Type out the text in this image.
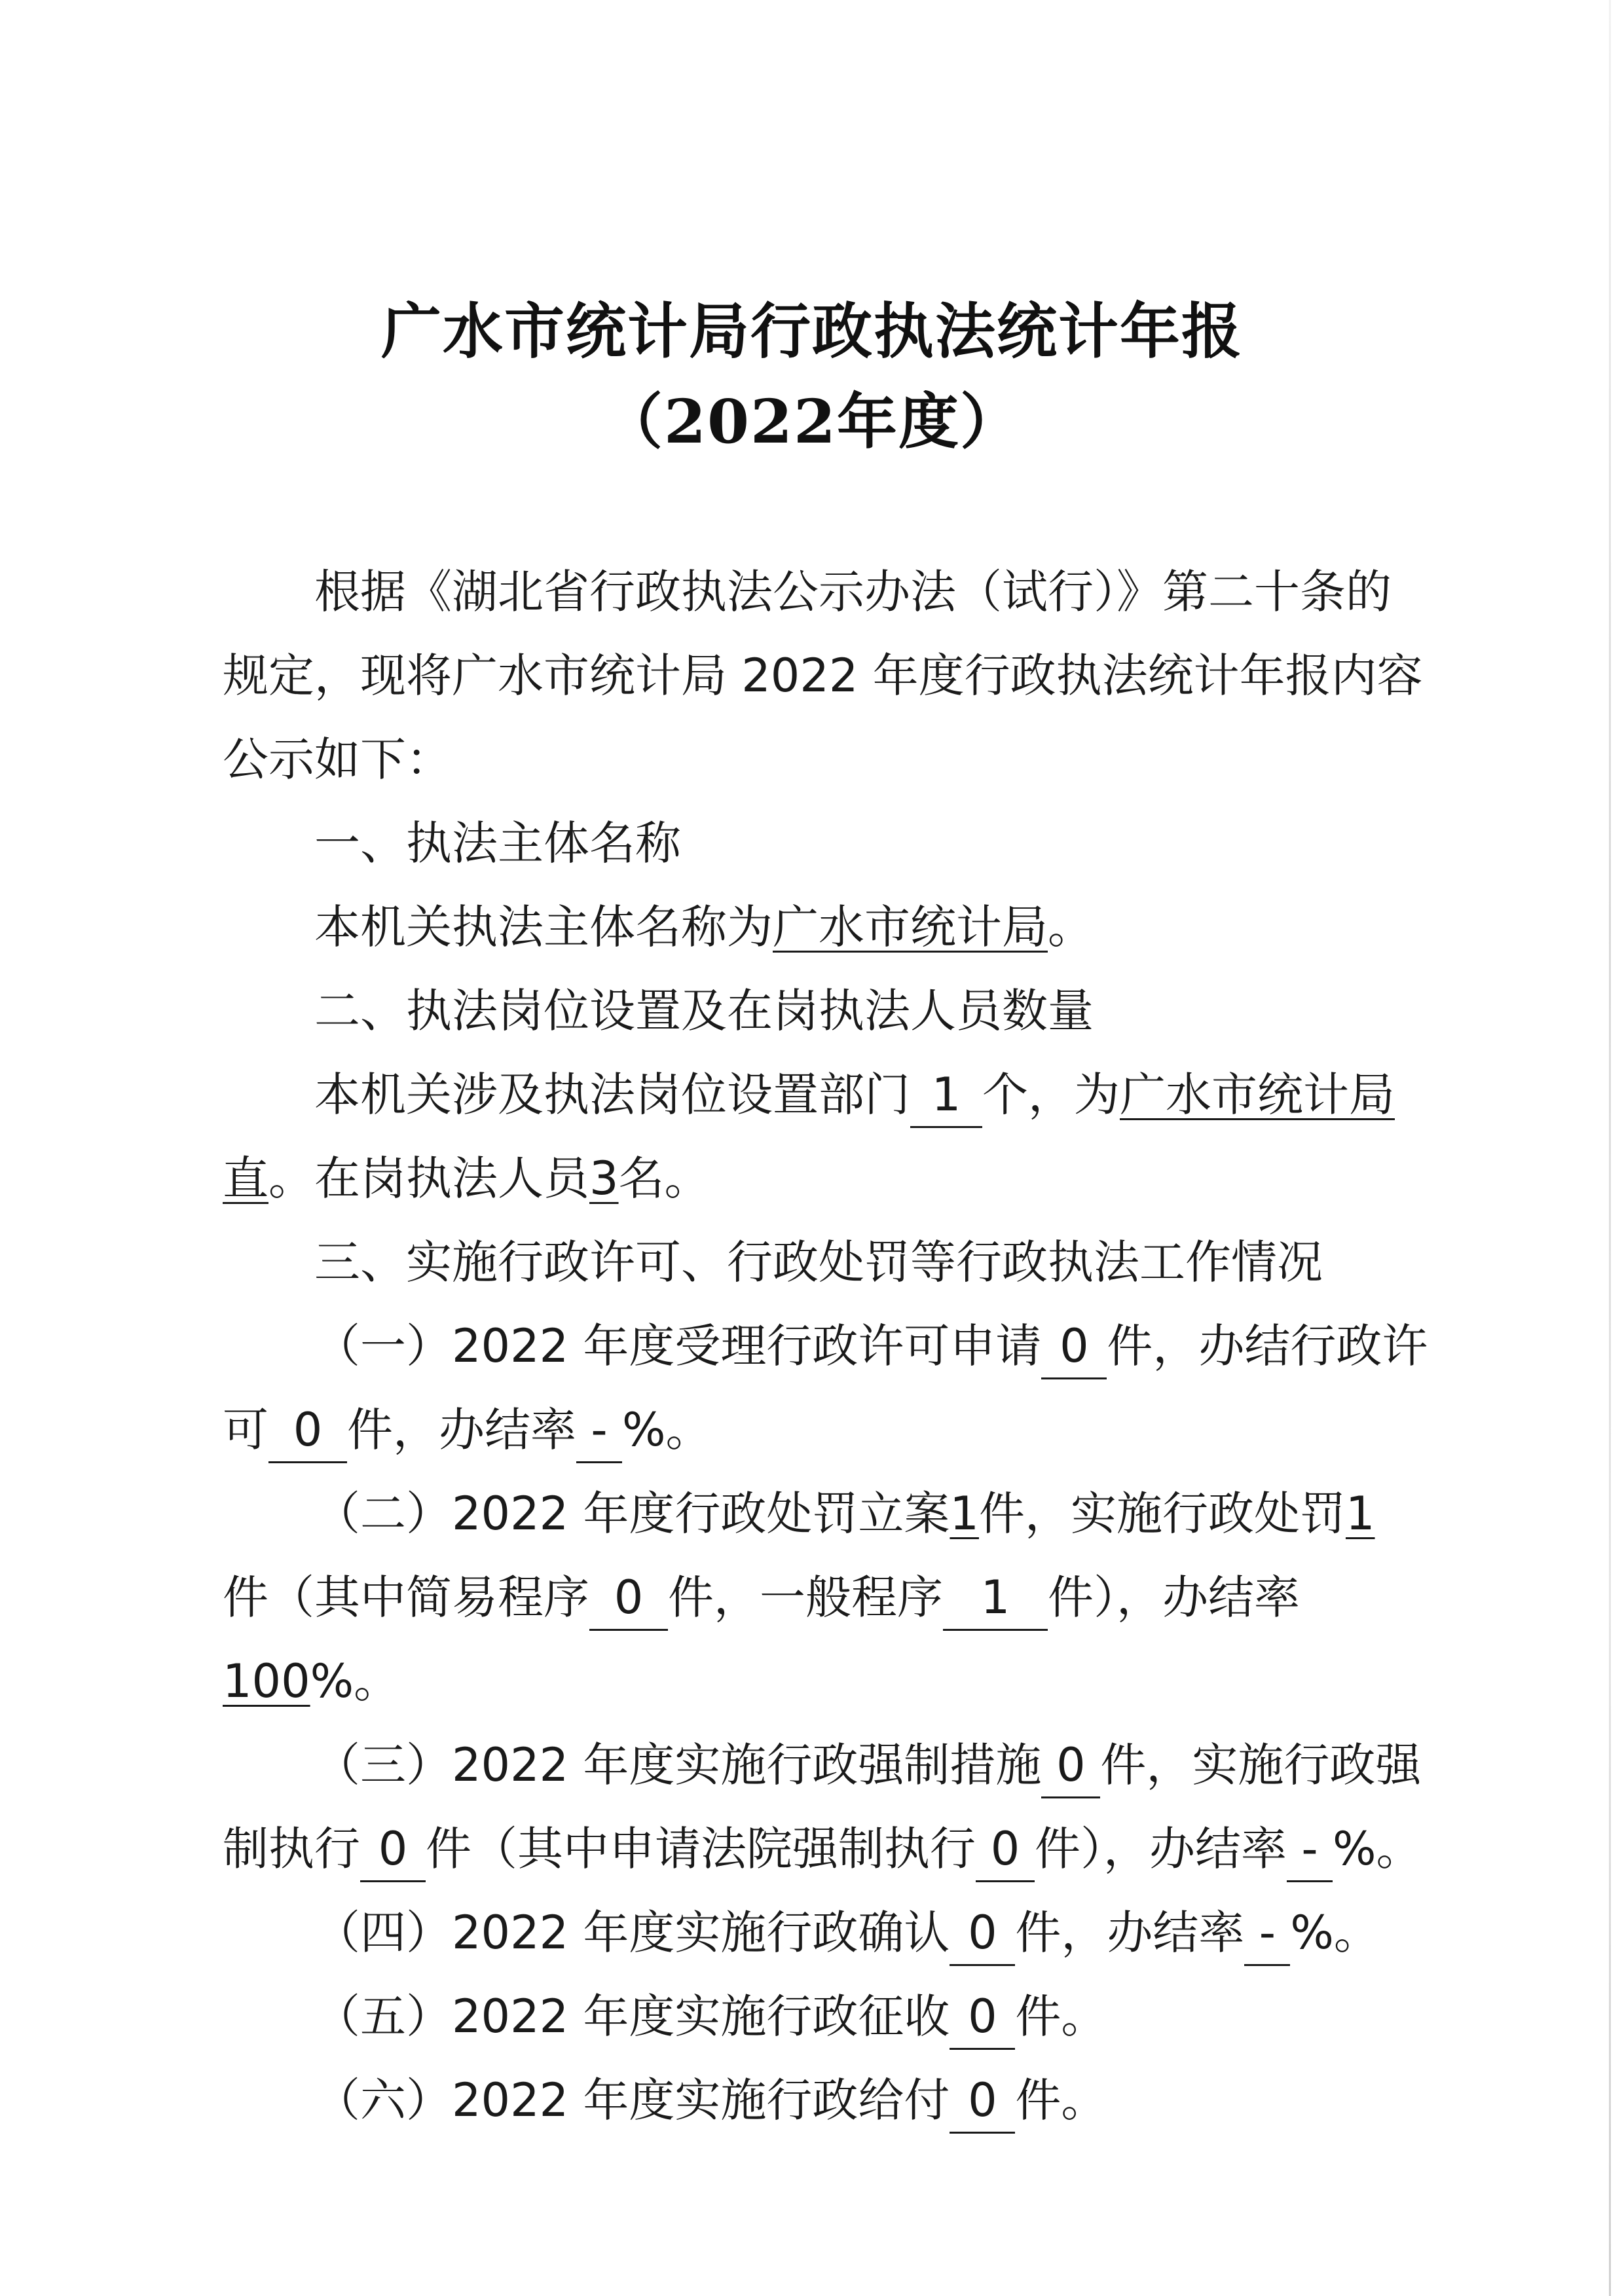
广水市统计局行政执法统计年报
（2022年度）
根据《湖北省行政执法公示办法（试行）》第二十条的
规定，现将广水市统计局 2022 年度行政执法统计年报内容
公示如下：
一、执法主体名称
本机关执法主体名称为广水市统计局。
二、执法岗位设置及在岗执法人员数量
本机关涉及执法岗位设置部门 1 个，为广水市统计局
直。在岗执法人员3名。
三、实施行政许可、行政处罚等行政执法工作情况
（一）2022 年度受理行政许可申请 0 件，办结行政许
可 0 件，办结率 - %。
（二）2022 年度行政处罚立案1件，实施行政处罚1
件（其中简易程序 0 件，一般程序 1 件），办结率
100%。
（三）2022 年度实施行政强制措施 0 件，实施行政强
制执行 0 件（其中申请法院强制执行 0 件），办结率 - %。
（四）2022 年度实施行政确认 0 件，办结率 - %。
（五）2022 年度实施行政征收 0 件。
（六）2022 年度实施行政给付 0 件。
